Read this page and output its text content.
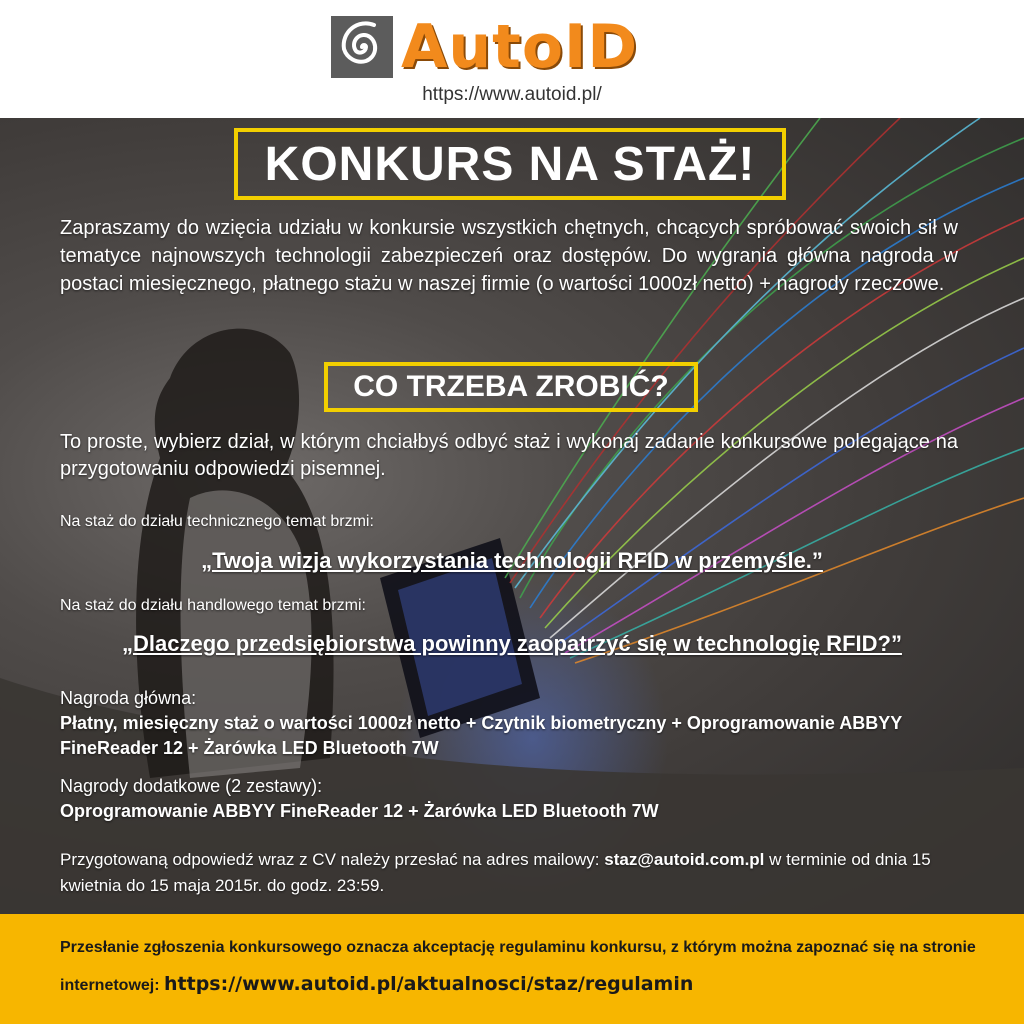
AutoID
https://www.autoid.pl/
KONKURS NA STAŻ!
Zapraszamy do wzięcia udziału w konkursie wszystkich chętnych, chcących spróbować swoich sił w tematyce najnowszych technologii zabezpieczeń oraz dostępów. Do wygrania główna nagroda w postaci miesięcznego, płatnego stażu w naszej firmie (o wartości 1000zł netto) + nagrody rzeczowe.
CO TRZEBA ZROBIĆ?
To proste, wybierz dział, w którym chciałbyś odbyć staż i wykonaj zadanie konkursowe polegające na przygotowaniu odpowiedzi pisemnej.
Na staż do działu technicznego temat brzmi:
„Twoja wizja wykorzystania technologii RFID w przemyśle.”
Na staż do działu handlowego temat brzmi:
„Dlaczego przedsiębiorstwa powinny zaopatrzyć się w technologię RFID?”
Nagroda główna:
Płatny, miesięczny staż o wartości 1000zł netto + Czytnik biometryczny + Oprogramowanie ABBYY FineReader 12 + Żarówka LED Bluetooth 7W
Nagrody dodatkowe (2 zestawy):
Oprogramowanie ABBYY FineReader 12 + Żarówka LED Bluetooth 7W
Przygotowaną odpowiedź wraz z CV należy przesłać na adres mailowy: staz@autoid.com.pl w terminie od dnia 15 kwietnia do 15 maja 2015r. do godz. 23:59.
Przesłanie zgłoszenia konkursowego oznacza akceptację regulaminu konkursu, z którym można zapoznać się na stronie internetowej: https://www.autoid.pl/aktualnosci/staz/regulamin
